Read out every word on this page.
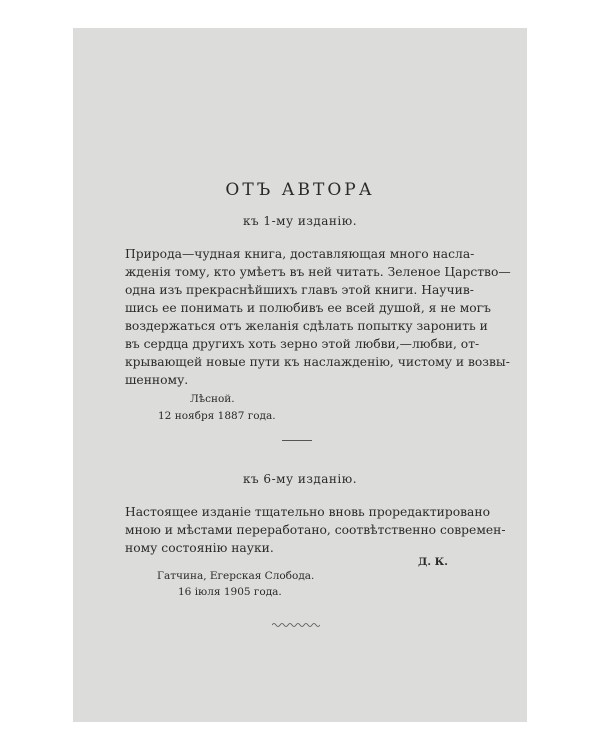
ОТЪ АВТОРА
къ 1-му изданію.
Природа—чудная книга, доставляющая много насла-
жденія тому, кто умѣетъ въ ней читать. Зеленое Царство—
одна изъ прекраснѣйшихъ главъ этой книги. Научив-
шись ее понимать и полюбивъ ее всей душой, я не могъ
воздержаться отъ желанія сдѣлать попытку заронить и
въ сердца другихъ хоть зерно этой любви,—любви, от-
крывающей новые пути къ наслажденію, чистому и возвы-
шенному.
Лѣсной.
12 ноября 1887 года.
къ 6-му изданію.
Настоящее изданіе тщательно вновь проредактировано
мною и мѣстами переработано, соотвѣтственно современ-
ному состоянію науки.
Д. К.
Гатчина, Егерская Слобода.
16 іюля 1905 года.
